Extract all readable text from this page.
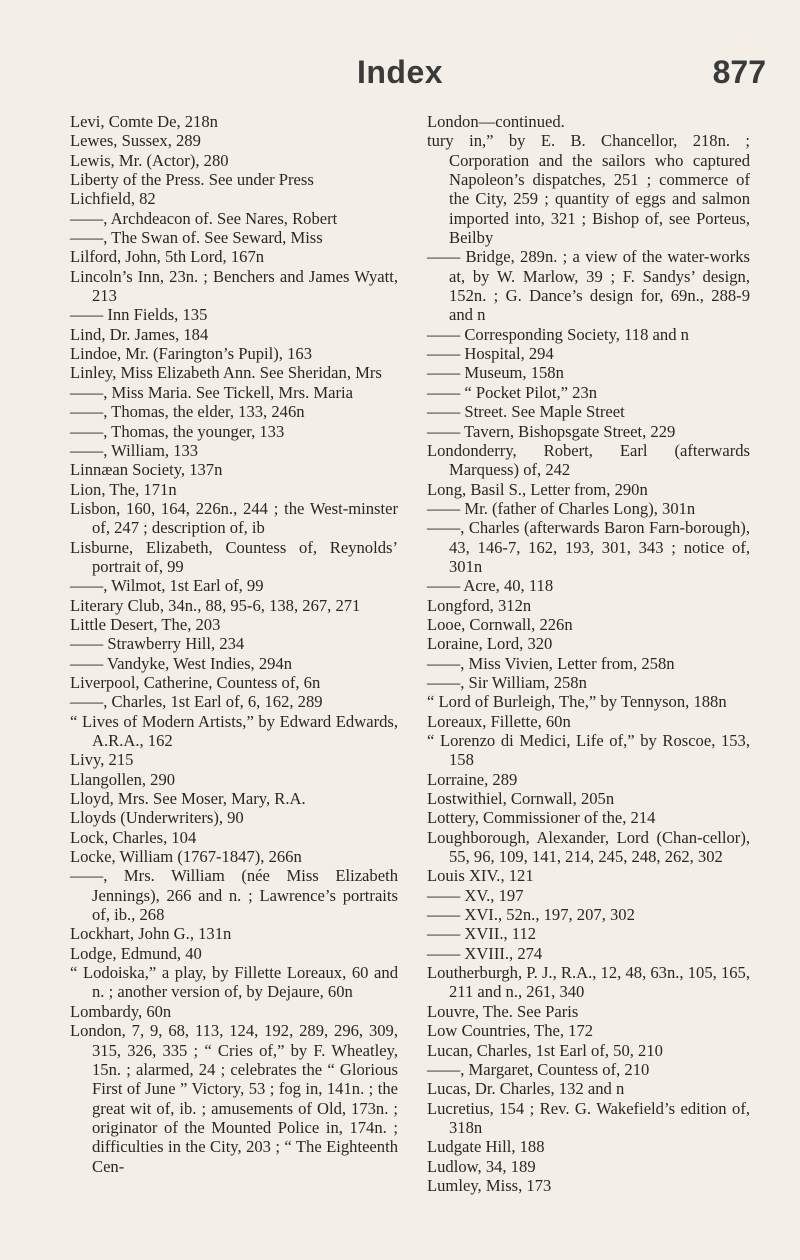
Index	877

Levi, Comte De, 218n

Lewes, Sussex, 289

Lewis, Mr. (Actor), 280

Liberty of the Press. See under Press

Lichfield, 82

——, Archdeacon of. See Nares, Robert

——, The Swan of. See Seward, Miss

Lilford, John, 5th Lord, 167n

Lincoln’s Inn, 23n. ; Benchers and James Wyatt, 213

—— Inn Fields, 135

Lind, Dr. James, 184

Lindoe, Mr. (Farington’s Pupil), 163

Linley, Miss Elizabeth Ann. See Sheridan, Mrs

——, Miss Maria. See Tickell, Mrs. Maria

——, Thomas, the elder, 133, 246n

——, Thomas, the younger, 133

——, William, 133

Linnæan Society, 137n

Lion, The, 171n

Lisbon, 160, 164, 226n., 244 ; the West-minster of, 247 ; description of, ib

Lisburne, Elizabeth, Countess of, Reynolds’ portrait of, 99

——, Wilmot, 1st Earl of, 99

Literary Club, 34n., 88, 95-6, 138, 267, 271

Little Desert, The, 203

—— Strawberry Hill, 234

—— Vandyke, West Indies, 294n

Liverpool, Catherine, Countess of, 6n

——, Charles, 1st Earl of, 6, 162, 289

“ Lives of Modern Artists,” by Edward Edwards, A.R.A., 162

Livy, 215

Llangollen, 290

Lloyd, Mrs. See Moser, Mary, R.A.

Lloyds (Underwriters), 90

Lock, Charles, 104

Locke, William (1767-1847), 266n

——, Mrs. William (née Miss Elizabeth Jennings), 266 and n. ; Lawrence’s portraits of, ib., 268

Lockhart, John G., 131n

Lodge, Edmund, 40

“ Lodoiska,” a play, by Fillette Loreaux, 60 and n. ; another version of, by Dejaure, 60n

Lombardy, 60n

London, 7, 9, 68, 113, 124, 192, 289, 296, 309, 315, 326, 335 ; “ Cries of,” by F. Wheatley, 15n. ; alarmed, 24 ; celebrates the “ Glorious First of June ” Victory, 53 ; fog in, 141n. ; the great wit of, ib. ; amusements of Old, 173n. ; originator of the Mounted Police in, 174n. ; difficulties in the City, 203 ; “ The Eighteenth Cen-

London—continued.

tury in,” by E. B. Chancellor, 218n. ; Corporation and the sailors who captured Napoleon’s dispatches, 251 ; commerce of the City, 259 ; quantity of eggs and salmon imported into, 321 ; Bishop of, see Porteus, Beilby

—— Bridge, 289n. ; a view of the water-works at, by W. Marlow, 39 ; F. Sandys’ design, 152n. ; G. Dance’s design for, 69n., 288-9 and n

—— Corresponding Society, 118 and n

—— Hospital, 294

—— Museum, 158n

—— “ Pocket Pilot,” 23n

—— Street. See Maple Street

—— Tavern, Bishopsgate Street, 229

Londonderry, Robert, Earl (afterwards Marquess) of, 242

Long, Basil S., Letter from, 290n

—— Mr. (father of Charles Long), 301n

——, Charles (afterwards Baron Farn-borough), 43, 146-7, 162, 193, 301, 343 ; notice of, 301n

—— Acre, 40, 118

Longford, 312n

Looe, Cornwall, 226n

Loraine, Lord, 320

——, Miss Vivien, Letter from, 258n

——, Sir William, 258n

“ Lord of Burleigh, The,” by Tennyson, 188n

Loreaux, Fillette, 60n

“ Lorenzo di Medici, Life of,” by Roscoe, 153, 158

Lorraine, 289

Lostwithiel, Cornwall, 205n

Lottery, Commissioner of the, 214

Loughborough, Alexander, Lord (Chan-cellor), 55, 96, 109, 141, 214, 245, 248, 262, 302

Louis XIV., 121

—— XV., 197

—— XVI., 52n., 197, 207, 302

—— XVII., 112

—— XVIII., 274

Loutherburgh, P. J., R.A., 12, 48, 63n., 105, 165, 211 and n., 261, 340

Louvre, The. See Paris

Low Countries, The, 172

Lucan, Charles, 1st Earl of, 50, 210

——, Margaret, Countess of, 210

Lucas, Dr. Charles, 132 and n

Lucretius, 154 ; Rev. G. Wakefield’s edition of, 318n

Ludgate Hill, 188

Ludlow, 34, 189

Lumley, Miss, 173
